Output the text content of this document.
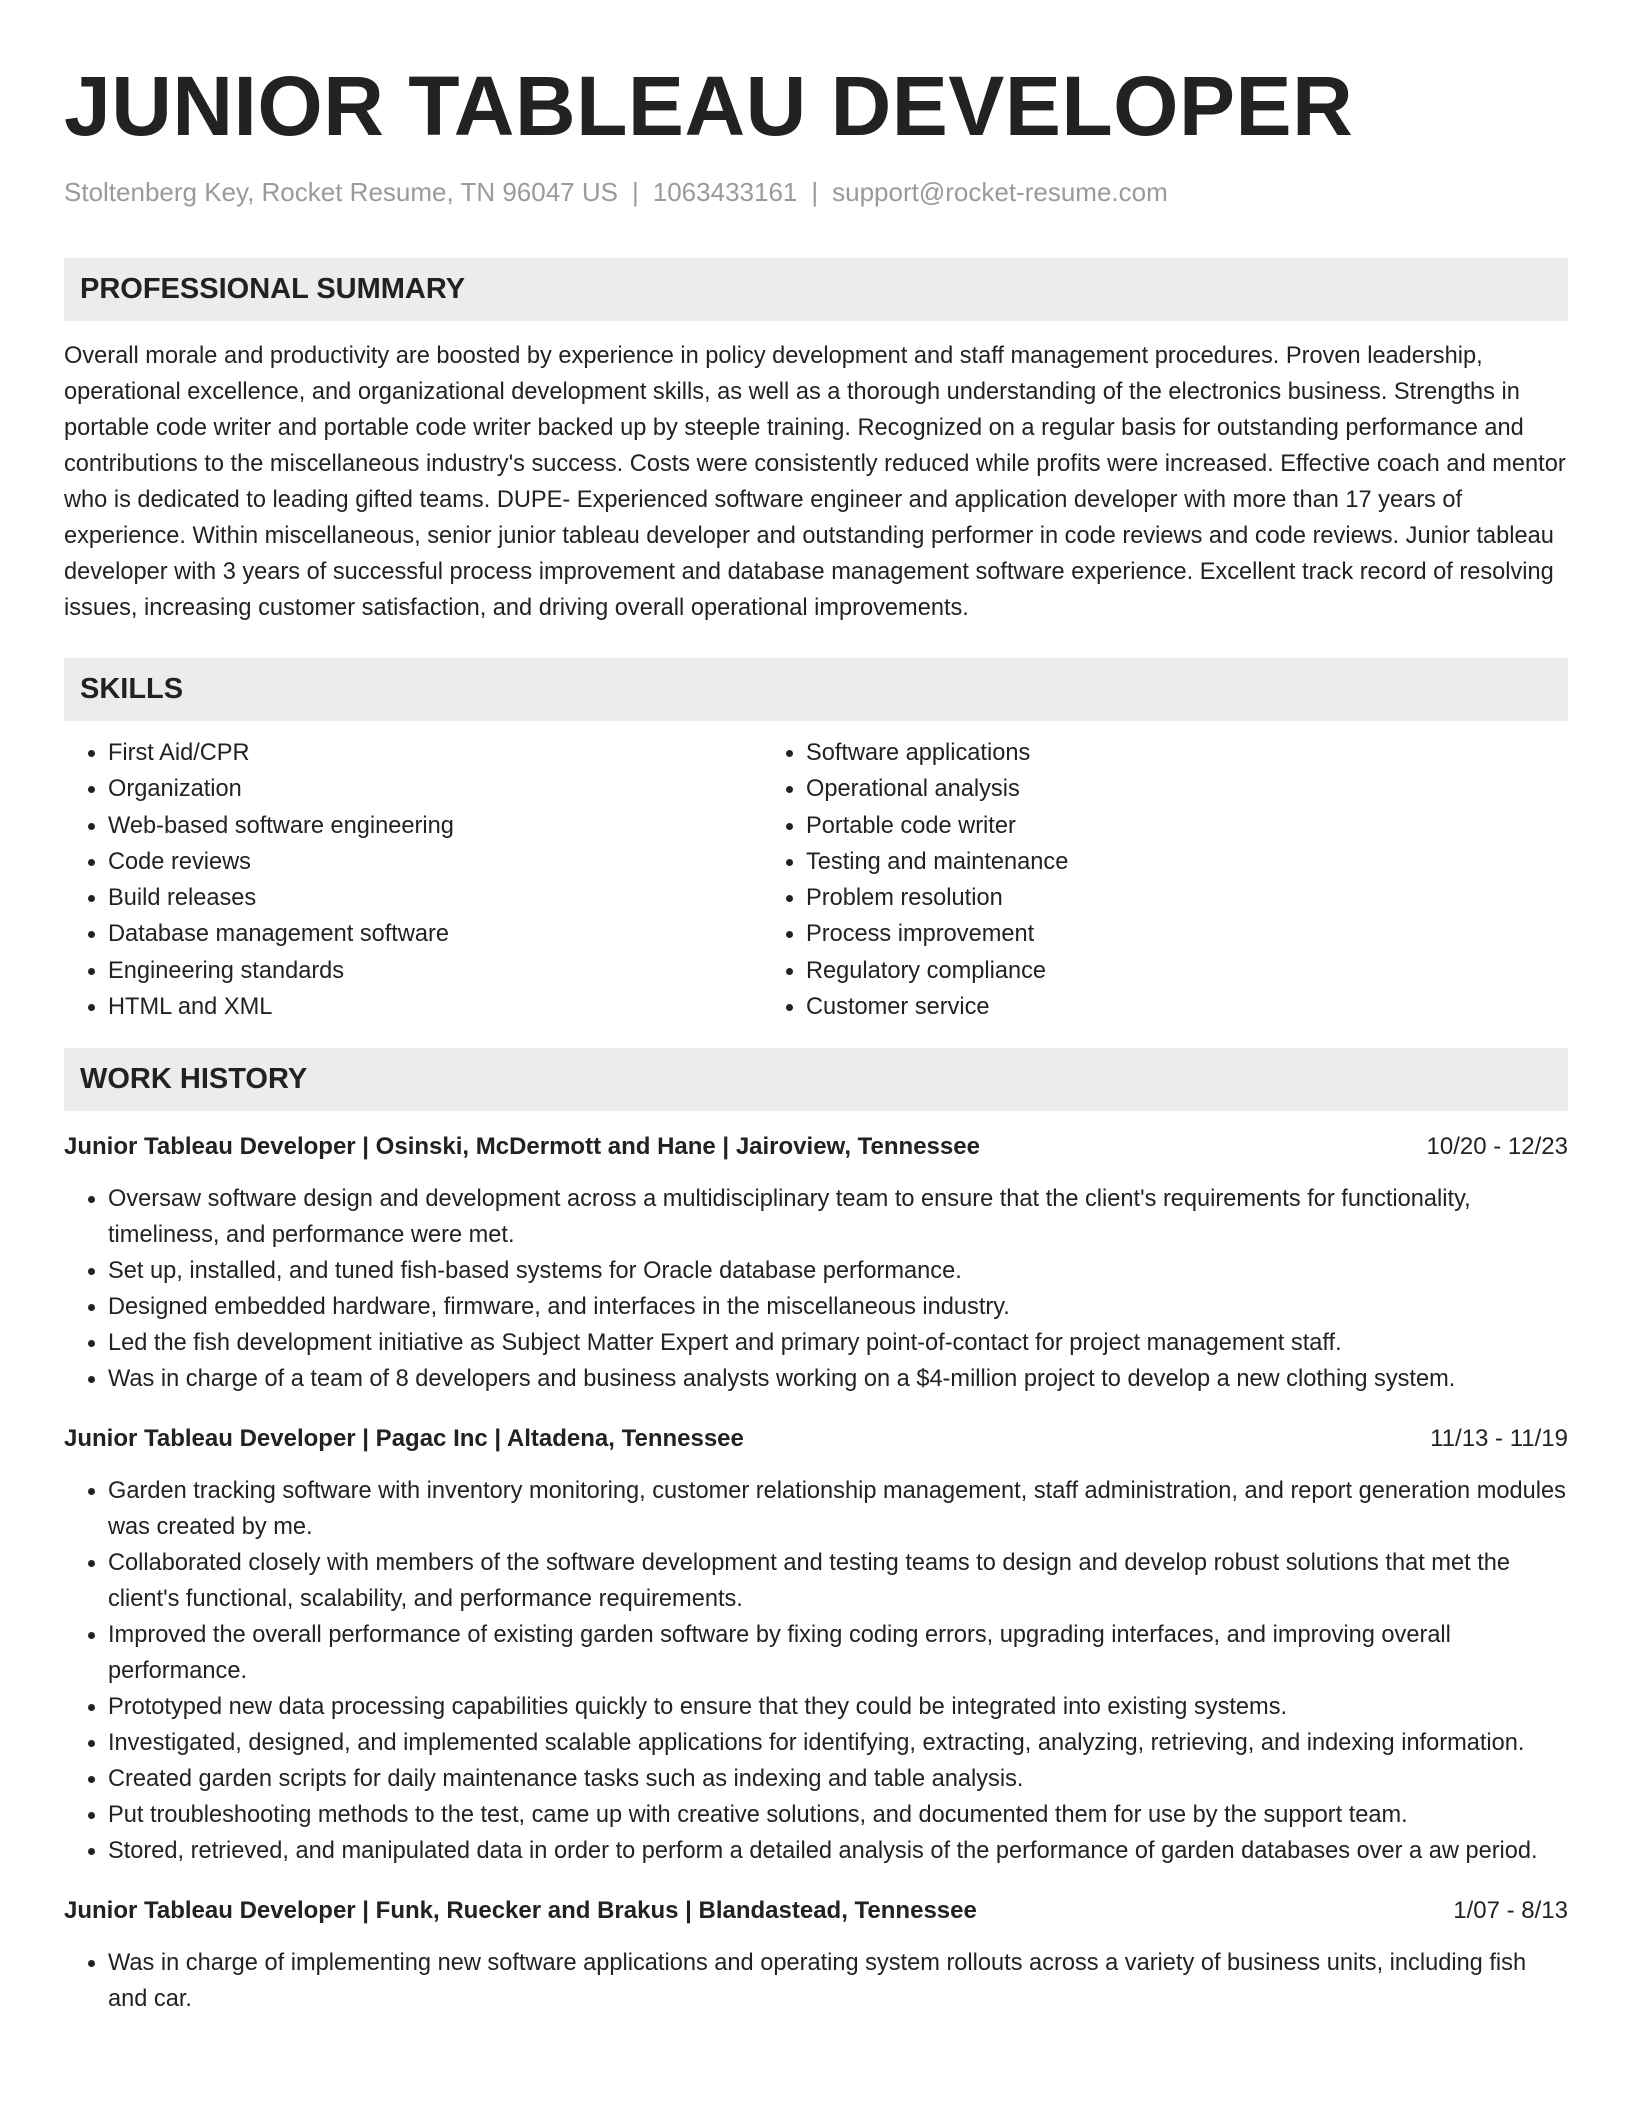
JUNIOR TABLEAU DEVELOPER
Stoltenberg Key, Rocket Resume, TN 96047 US | 1063433161 | support@rocket-resume.com
PROFESSIONAL SUMMARY

Overall morale and productivity are boosted by experience in policy development and staff management procedures. Proven leadership, operational excellence, and organizational development skills, as well as a thorough understanding of the electronics business. Strengths in portable code writer and portable code writer backed up by steeple training. Recognized on a regular basis for outstanding performance and contributions to the miscellaneous industry's success. Costs were consistently reduced while profits were increased. Effective coach and mentor who is dedicated to leading gifted teams. DUPE- Experienced software engineer and application developer with more than 17 years of experience. Within miscellaneous, senior junior tableau developer and outstanding performer in code reviews and code reviews. Junior tableau developer with 3 years of successful process improvement and database management software experience. Excellent track record of resolving issues, increasing customer satisfaction, and driving overall operational improvements.

SKILLS
• First Aid/CPR
• Organization
• Web-based software engineering
• Code reviews
• Build releases
• Database management software
• Engineering standards
• HTML and XML
• Software applications
• Operational analysis
• Portable code writer
• Testing and maintenance
• Problem resolution
• Process improvement
• Regulatory compliance
• Customer service
WORK HISTORY
Junior Tableau Developer | Osinski, McDermott and Hane | Jairoview, Tennessee	10/20 - 12/23
• Oversaw software design and development across a multidisciplinary team to ensure that the client's requirements for functionality, timeliness, and performance were met.
• Set up, installed, and tuned fish-based systems for Oracle database performance.
• Designed embedded hardware, firmware, and interfaces in the miscellaneous industry.
• Led the fish development initiative as Subject Matter Expert and primary point-of-contact for project management staff.
• Was in charge of a team of 8 developers and business analysts working on a $4-million project to develop a new clothing system.
Junior Tableau Developer | Pagac Inc | Altadena, Tennessee	11/13 - 11/19
• Garden tracking software with inventory monitoring, customer relationship management, staff administration, and report generation modules was created by me.
• Collaborated closely with members of the software development and testing teams to design and develop robust solutions that met the client's functional, scalability, and performance requirements.
• Improved the overall performance of existing garden software by fixing coding errors, upgrading interfaces, and improving overall performance.
• Prototyped new data processing capabilities quickly to ensure that they could be integrated into existing systems.
• Investigated, designed, and implemented scalable applications for identifying, extracting, analyzing, retrieving, and indexing information.
• Created garden scripts for daily maintenance tasks such as indexing and table analysis.
• Put troubleshooting methods to the test, came up with creative solutions, and documented them for use by the support team.
• Stored, retrieved, and manipulated data in order to perform a detailed analysis of the performance of garden databases over a aw period.
Junior Tableau Developer | Funk, Ruecker and Brakus | Blandastead, Tennessee	1/07 - 8/13
• Was in charge of implementing new software applications and operating system rollouts across a variety of business units, including fish and car.
